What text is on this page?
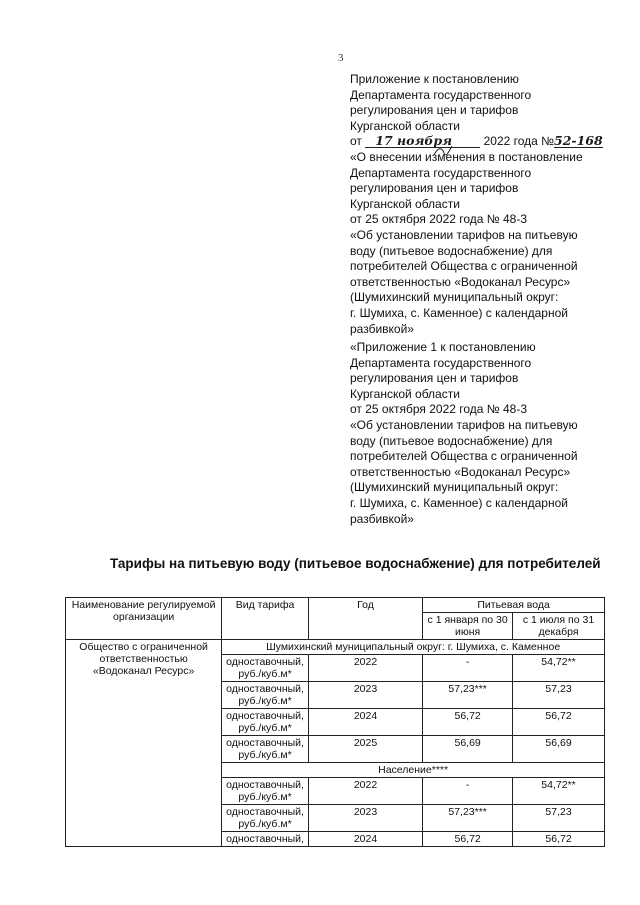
3
Приложение к постановлению
Департамента государственного
регулирования цен и тарифов
Курганской области
от 17 ноября	2022 года №52-168
«О внесении изменения в постановление
Департамента государственного
регулирования цен и тарифов
Курганской области
от 25 октября 2022 года № 48-3
«Об установлении тарифов на питьевую
воду (питьевое водоснабжение) для
потребителей Общества с ограниченной
ответственностью «Водоканал Ресурс»
(Шумихинский муниципальный округ:
г. Шумиха, с. Каменное) с календарной
разбивкой»
«Приложение 1 к постановлению
Департамента государственного
регулирования цен и тарифов
Курганской области
от 25 октября 2022 года № 48-3
«Об установлении тарифов на питьевую
воду (питьевое водоснабжение) для
потребителей Общества с ограниченной
ответственностью «Водоканал Ресурс»
(Шумихинский муниципальный округ:
г. Шумиха, с. Каменное) с календарной
разбивкой»
Тарифы на питьевую воду (питьевое водоснабжение) для потребителей
Наименование регулируемой организации	Вид тарифа	Год	Питьевая вода	
			с 1 января по 30 июня	с 1 июля по 31 декабря
Общество с ограниченной ответственностью «Водоканал Ресурс»	Шумихинский муниципальный округ: г. Шумиха, с. Каменное			
	одноставочный, руб./куб.м*	2022	-	54,72**
	одноставочный, руб./куб.м*	2023	57,23***	57,23
	одноставочный, руб./куб.м*	2024	56,72	56,72
	одноставочный, руб./куб.м*	2025	56,69	56,69
	Население****			
	одноставочный, руб./куб.м*	2022	-	54,72**
	одноставочный, руб./куб.м*	2023	57,23***	57,23
	одноставочный,	2024	56,72	56,72
